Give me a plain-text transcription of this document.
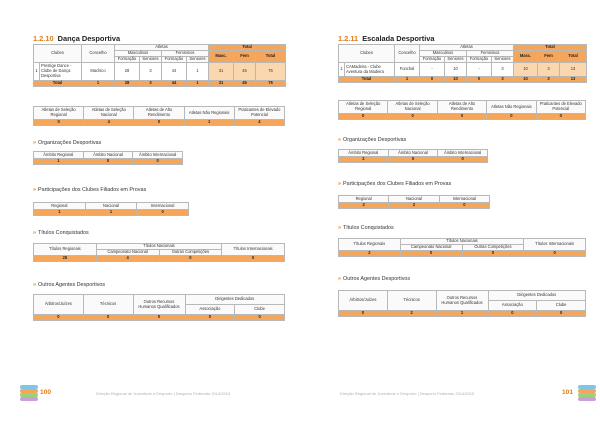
1.2.10 Dança Desportiva
Clubes		Concelho	Atletas				Total		
			Masculinos		Femininos		Masc.	Fem	Total
			Formação	Seniores	Formação	Seniores			
1	Prestige Dance - Clube de Dança Desportiva	Machico	28	3	44	1	31	45	76
Total		1	28	3	44	1	31	45	76
Atletas de Seleção Regional	Atletas de Seleção Nacional	Atletas de Alto Rendimento	Atletas Não Regionais	Praticantes de Elevado Potencial
0	4	0	1	4
» Organizações Desportivas
Âmbito Regional	Âmbito Nacional	Âmbito Internacional
1	0	0
» Participações dos Clubes Filiados em Provas
Regional	Nacional	Internacional
1	1	0
» Títulos Conquistados
Títulos Regionais	Títulos Nacionais		Títulos Internacionais
	Campeonato Nacional	Outras Competições	
25	4	0	0
» Outros Agentes Desportivos
Árbitros/Juízes	Técnicos	Outros Recursos Humanos Qualificados	Dirigentes Dedicados	
			Associação	Clube
0	0	0	0	0
100	Direção Regional de Juventude e Desporto | Desporto Federado 2014/2015
1.2.11 Escalada Desportiva
Clubes		Concelho	Atletas				Total		
			Masculinos		Femininos		Masc.	Fem	Total
			Formação	Seniores	Formação	Seniores			
1	CAMadeira - Clube Aventura da Madeira	Funchal	-	10	-	3	10	3	13
Total		1	0	10	0	3	10	3	13
Atletas de Seleção Regional	Atletas de Seleção Nacional	Atletas de Alto Rendimento	Atletas Não Regionais	Praticantes de Elevado Potencial
0	0	0	0	0
» Organizações Desportivas
Âmbito Regional	Âmbito Nacional	Âmbito Internacional
2	0	0
» Participações dos Clubes Filiados em Provas
Regional	Nacional	Internacional
2	2	0
» Títulos Conquistados
Títulos Regionais	Títulos Nacionais		Títulos Internacionais
	Campeonato Nacional	Outras Competições	
2	0	0	0
» Outros Agentes Desportivos
Árbitros/Juízes	Técnicos	Outros Recursos Humanos Qualificados	Dirigentes Dedicados	
			Associação	Clube
0	2	1	0	0
Direção Regional de Juventude e Desporto | Desporto Federado 2014/2015	101
